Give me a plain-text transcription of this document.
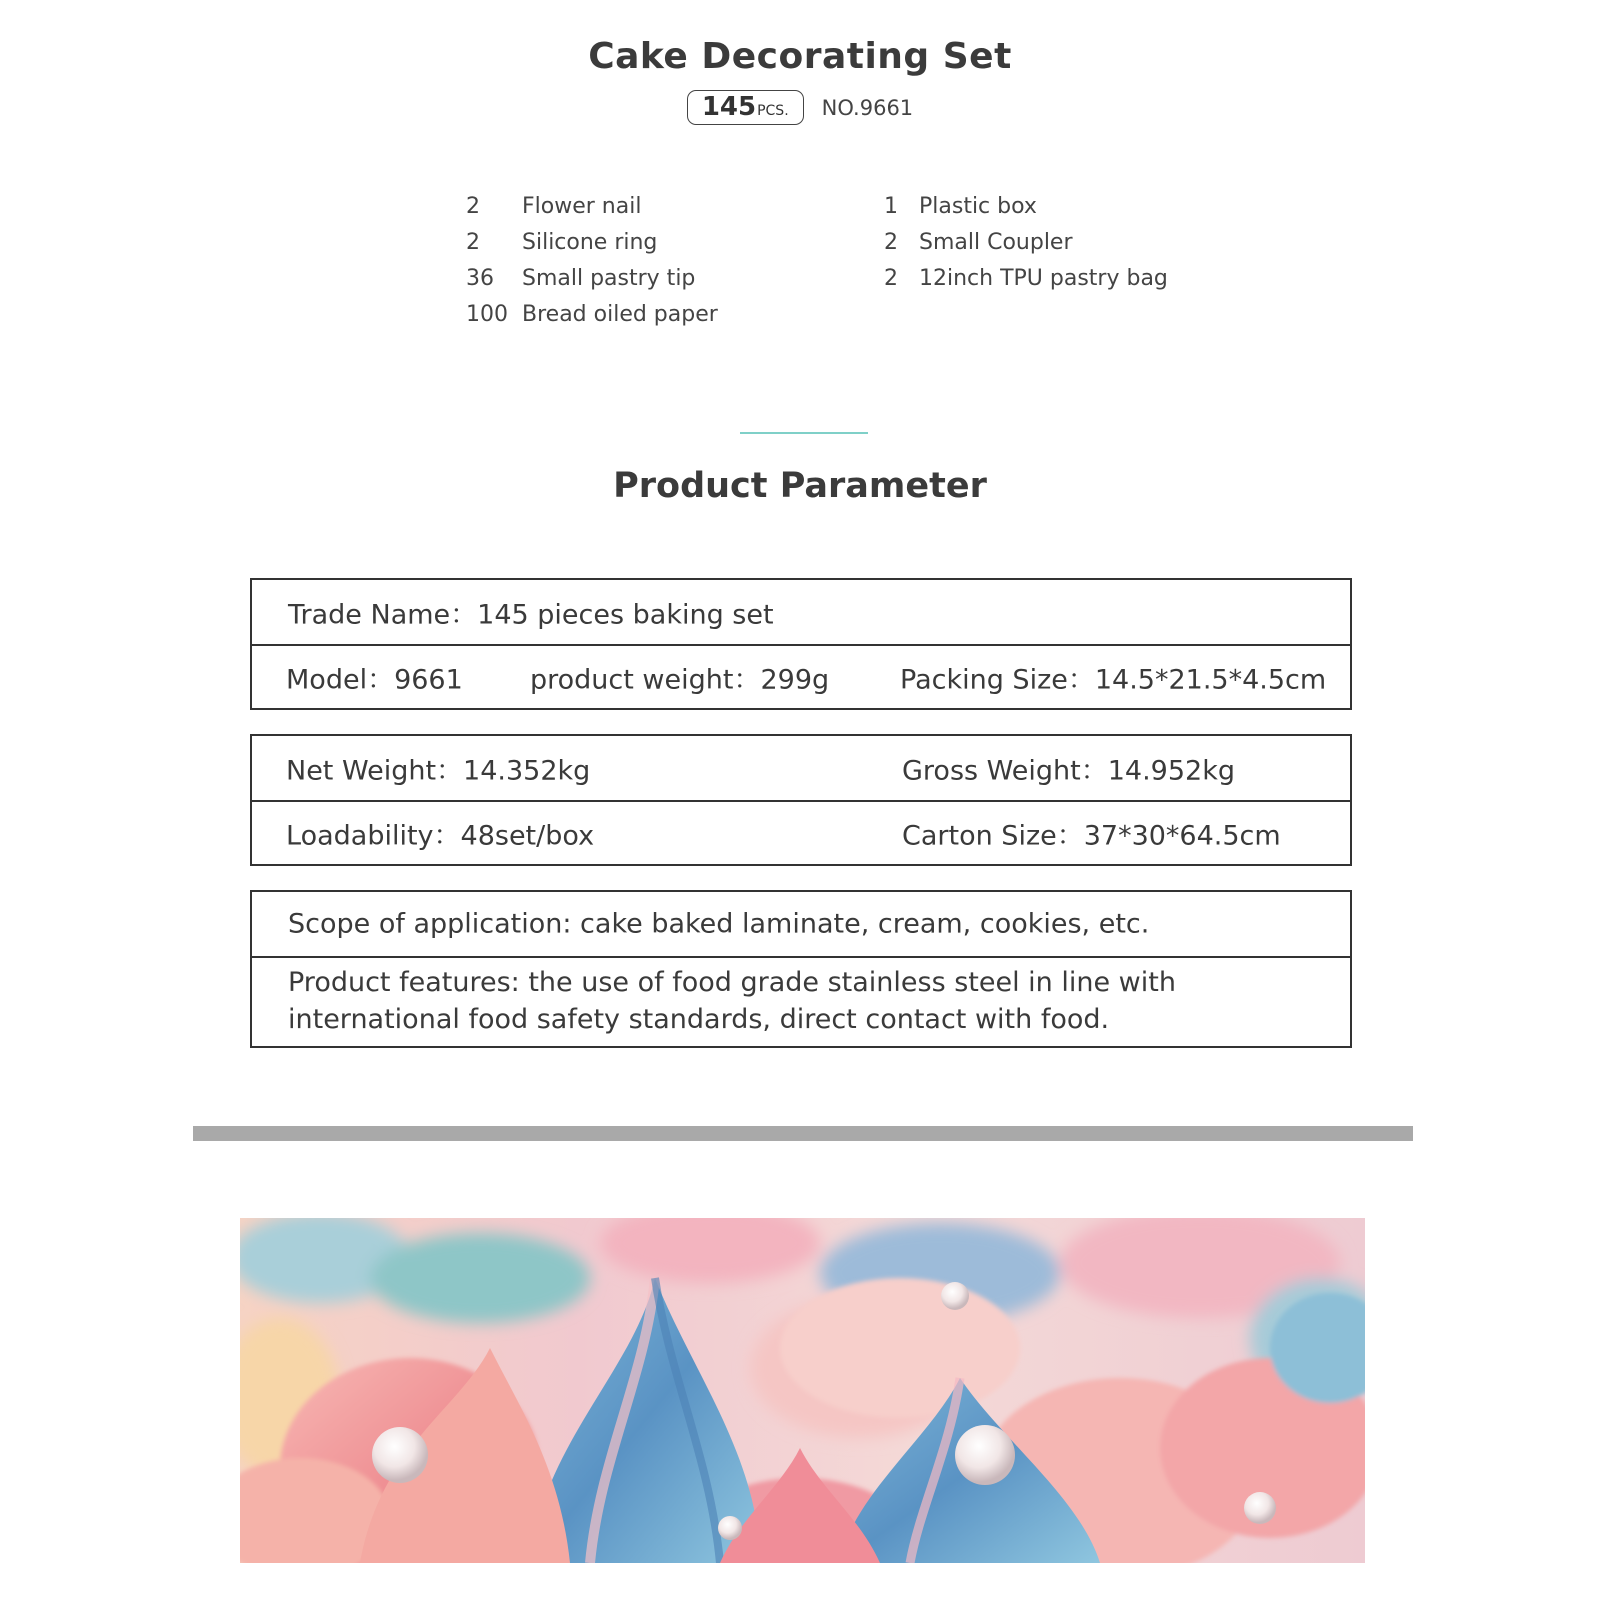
Cake Decorating Set
145 PCS. NO.9661
2	Flower nail
2	Silicone ring
36	Small pastry tip
100 Bread oiled paper
1 Plastic box
2 Small Coupler
2 12inch TPU pastry bag
Product Parameter
Trade Name：145 pieces baking set
Model：9661 product weight：299g	Packing Size：14.5*21.5*4.5cm
Net Weight：14.352kg	Gross Weight：14.952kg
Loadability：48set/box	Carton Size：37*30*64.5cm
Scope of application: cake baked laminate, cream, cookies, etc.
Product features: the use of food grade stainless steel in line with
international food safety standards, direct contact with food.
